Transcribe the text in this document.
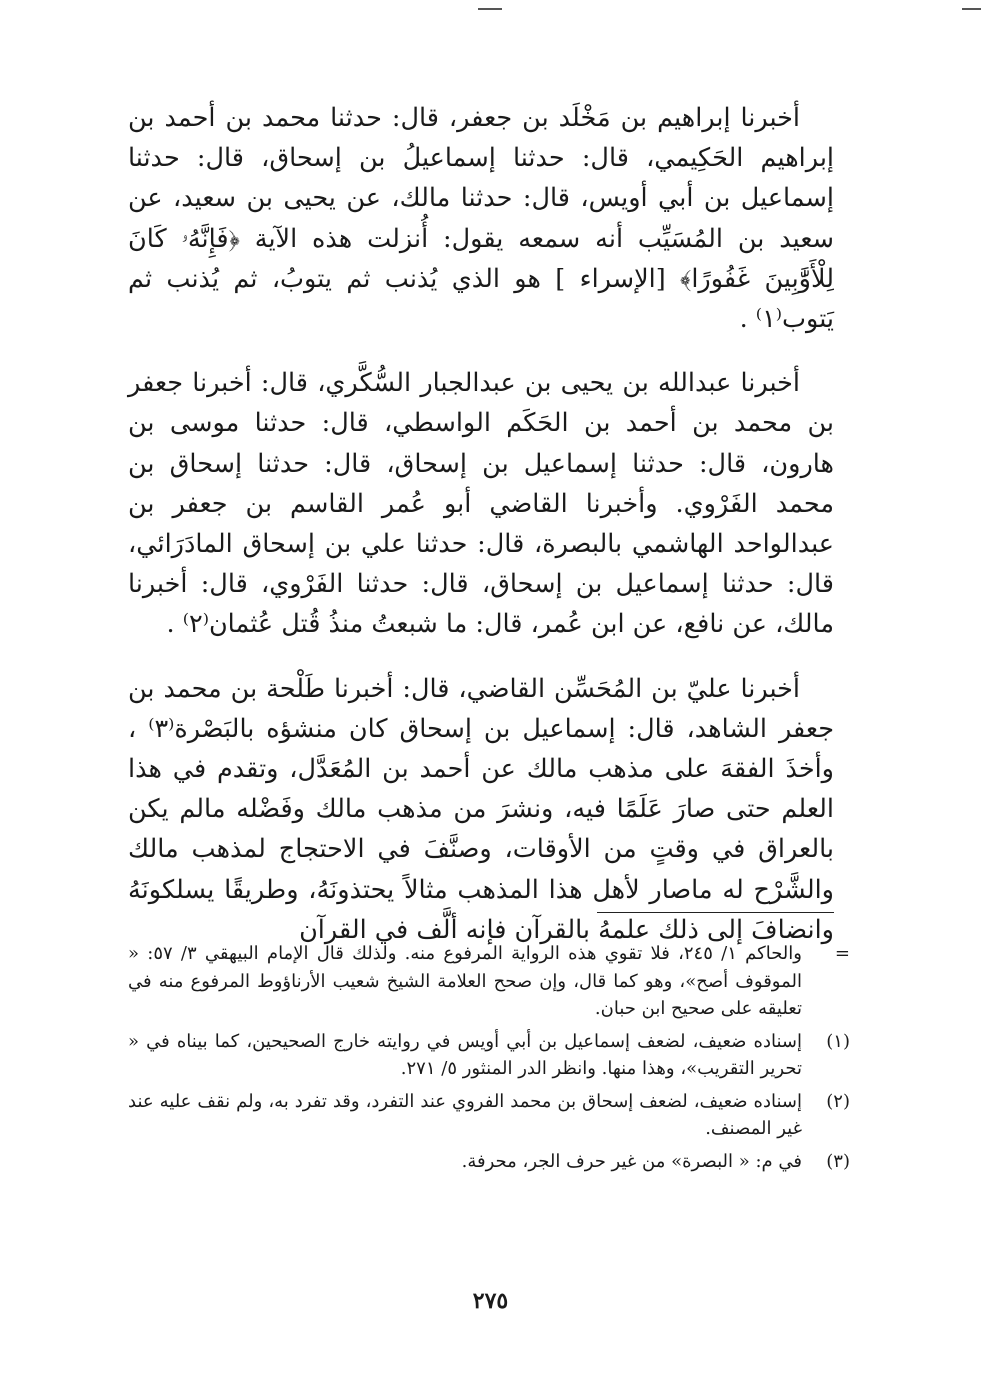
أخبرنا إبراهيم بن مَخْلَد بن جعفر، قال: حدثنا محمد بن أحمد بن إبراهيم الحَكِيمي، قال: حدثنا إسماعيلُ بن إسحاق، قال: حدثنا إسماعيل بن أبي أويس، قال: حدثنا مالك، عن يحيى بن سعيد، عن سعيد بن المُسَيِّب أنه سمعه يقول: أُنزلت هذه الآية ﴿فَإِنَّهُۥ كَانَ لِلْأَوَّٰبِينَ غَفُورًا﴾ [الإسراء ] هو الذي يُذنب ثم يتوبُ، ثم يُذنب ثم يَتوب⁽١⁾ .

أخبرنا عبدالله بن يحيى بن عبدالجبار السُّكَّري، قال: أخبرنا جعفر بن محمد بن أحمد بن الحَكَم الواسطي، قال: حدثنا موسى بن هارون، قال: حدثنا إسماعيل بن إسحاق، قال: حدثنا إسحاق بن محمد الفَرْوي. وأخبرنا القاضي أبو عُمر القاسم بن جعفر بن عبدالواحد الهاشمي بالبصرة، قال: حدثنا علي بن إسحاق المادَرَائي، قال: حدثنا إسماعيل بن إسحاق، قال: حدثنا الفَرْوي، قال: أخبرنا مالك، عن نافع، عن ابن عُمر، قال: ما شبعتُ منذُ قُتل عُثمان⁽٢⁾ .

أخبرنا عليّ بن المُحَسِّن القاضي، قال: أخبرنا طَلْحة بن محمد بن جعفر الشاهد، قال: إسماعيل بن إسحاق كان منشؤه بالبَصْرة⁽٣⁾ ، وأخذَ الفقهَ على مذهب مالك عن أحمد بن المُعَدَّل، وتقدم في هذا العلم حتى صارَ عَلَمًا فيه، ونشرَ من مذهب مالك وفَضْله مالم يكن بالعراق في وقتٍ من الأوقات، وصنَّفَ في الاحتجاج لمذهب مالك والشَّرْح له ماصار لأهل هذا المذهب مثالاً يحتذونَهُ، وطريقًا يسلكونَهُ وانضافَ إلى ذلك علمهُ بالقرآن فإنه ألَّف في القرآن

=
والحاكم ١/ ٢٤٥، فلا تقوي هذه الرواية المرفوع منه. ولذلك قال الإمام البيهقي ٣/ ٥٧: « الموقوف أصح»، وهو كما قال، وإن صحح العلامة الشيخ شعيب الأرناؤوط المرفوع منه في تعليقه على صحيح ابن حبان.
(١)
إسناده ضعيف، لضعف إسماعيل بن أبي أويس في روايته خارج الصحيحين، كما بيناه في « تحرير التقريب»، وهذا منها. وانظر الدر المنثور ٥/ ٢٧١.
(٢)
إسناده ضعيف، لضعف إسحاق بن محمد الفروي عند التفرد، وقد تفرد به، ولم نقف عليه عند غير المصنف.
(٣)
في م: « البصرة» من غير حرف الجر، محرفة.
٢٧٥
